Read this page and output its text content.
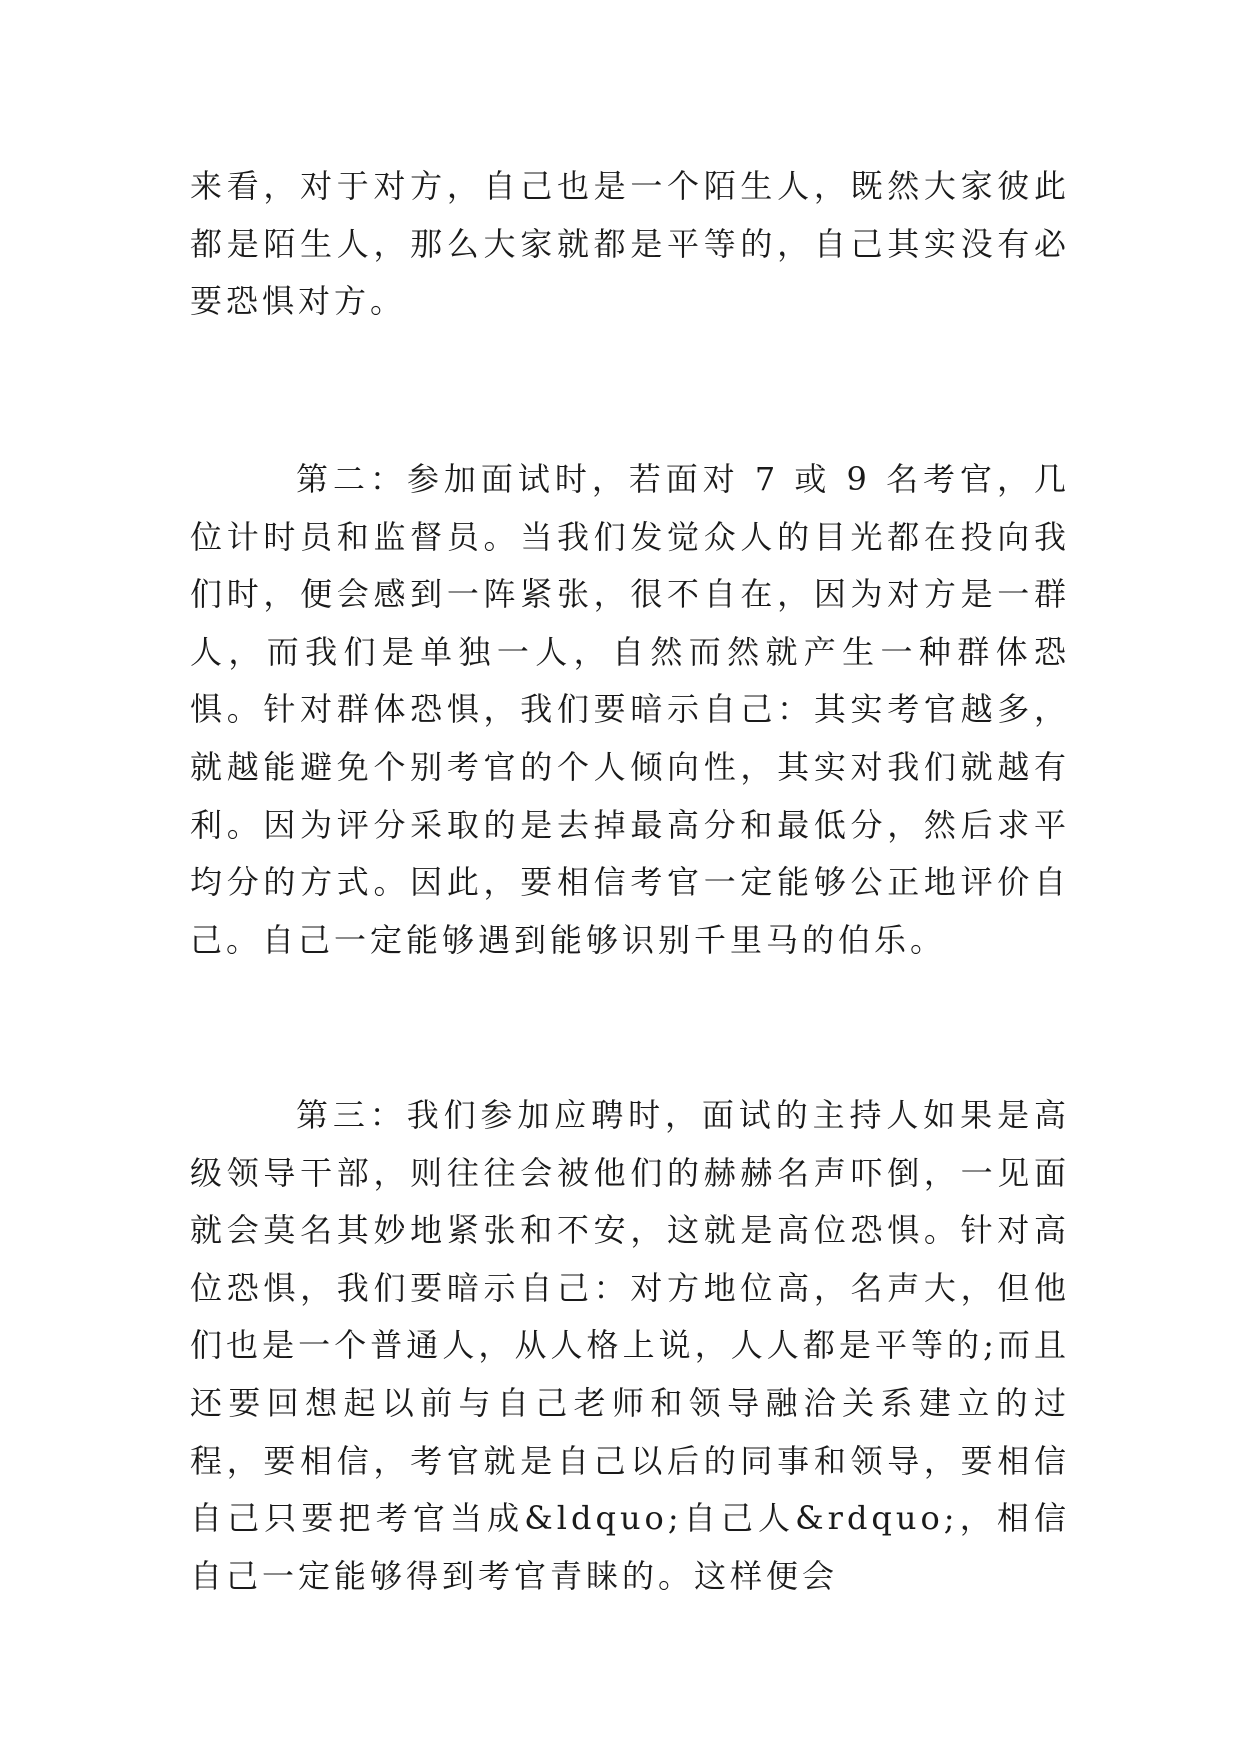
来看，对于对方，自己也是一个陌生人，既然大家彼此都是陌生人，那么大家就都是平等的，自己其实没有必要恐惧对方。
第二：参加面试时，若面对 7 或 9 名考官，几位计时员和监督员。当我们发觉众人的目光都在投向我们时，便会感到一阵紧张，很不自在，因为对方是一群人，而我们是单独一人，自然而然就产生一种群体恐惧。针对群体恐惧，我们要暗示自己：其实考官越多，就越能避免个别考官的个人倾向性，其实对我们就越有利。因为评分采取的是去掉最高分和最低分，然后求平均分的方式。因此，要相信考官一定能够公正地评价自己。自己一定能够遇到能够识别千里马的伯乐。
第三：我们参加应聘时，面试的主持人如果是高级领导干部，则往往会被他们的赫赫名声吓倒，一见面就会莫名其妙地紧张和不安，这就是高位恐惧。针对高位恐惧，我们要暗示自己：对方地位高，名声大，但他们也是一个普通人，从人格上说，人人都是平等的;而且还要回想起以前与自己老师和领导融洽关系建立的过程，要相信，考官就是自己以后的同事和领导，要相信自己只要把考官当成&ldquo;自己人&rdquo;，相信自己一定能够得到考官青睐的。这样便会
